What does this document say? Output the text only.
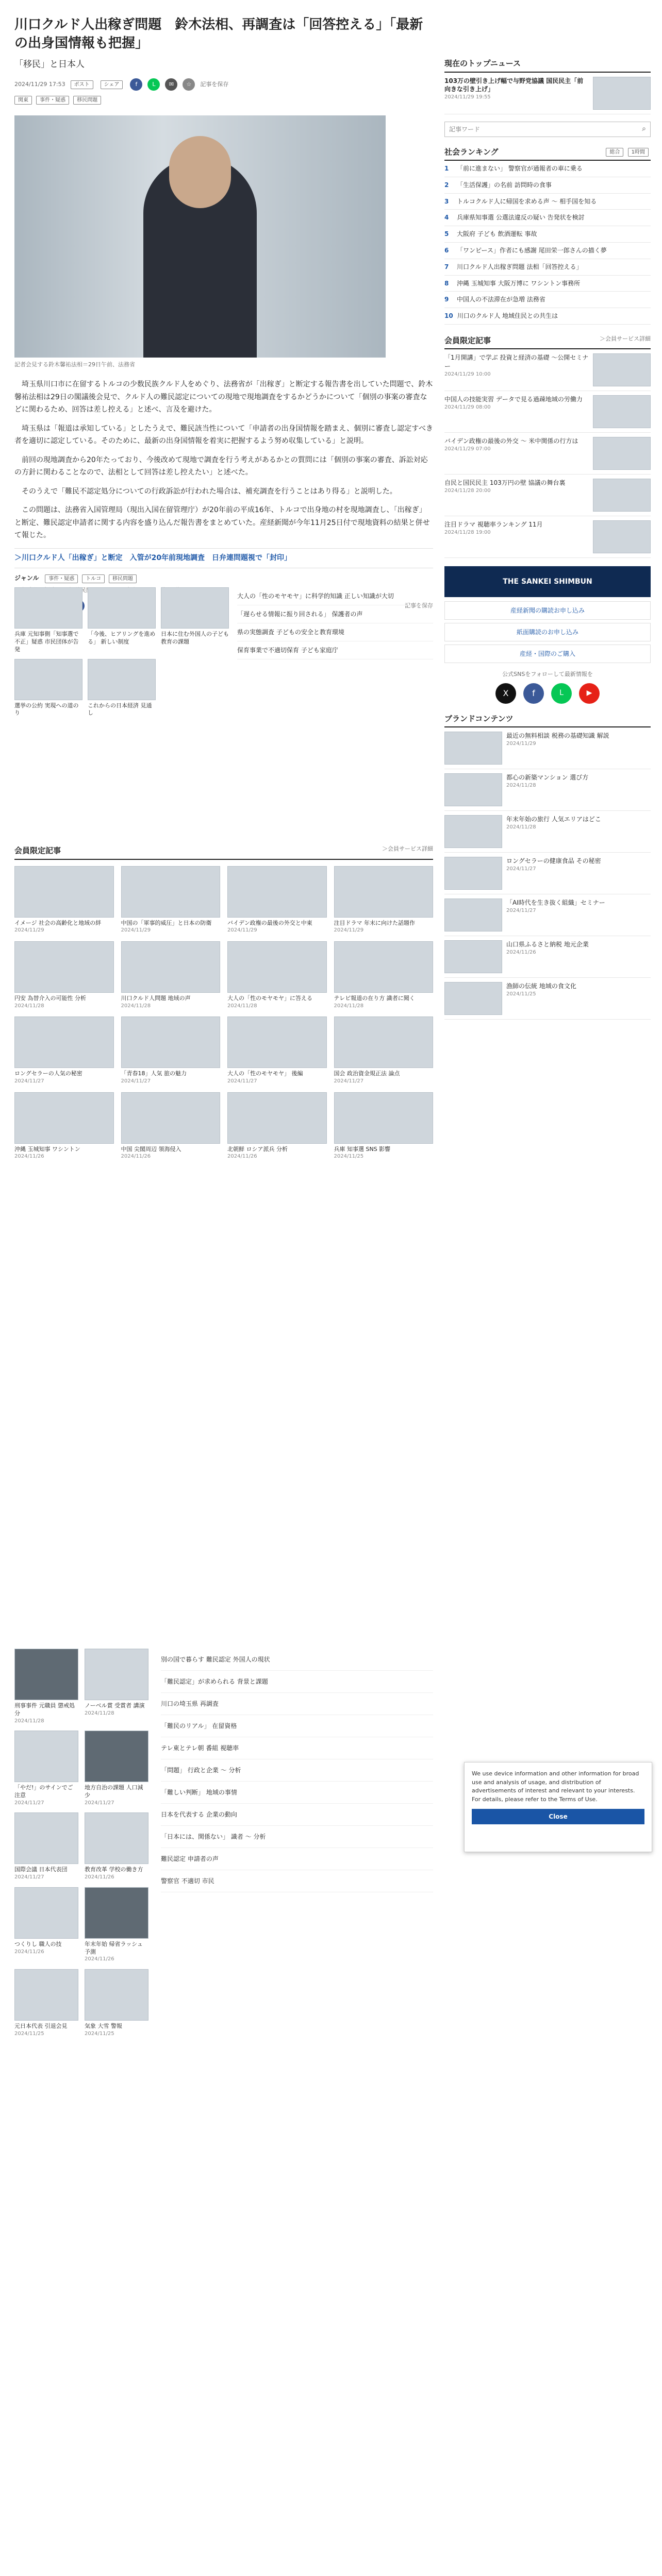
川口クルド人出稼ぎ問題　鈴木法相、再調査は「回答控える」「最新の出身国情報も把握」
「移民」と日本人
2024/11/29 17:53	ポスト	シェア	f	L	✉	☆	記事を保存
関東 事件・疑惑 移民問題
記者会見する鈴木馨祐法相＝29日午前、法務省

埼玉県川口市に在留するトルコの少数民族クルド人をめぐり、法務省が「出稼ぎ」と断定する報告書を出していた問題で、鈴木馨祐法相は29日の閣議後会見で、クルド人の難民認定についての現地で現地調査をするかどうかについて「個別の事案の審査などに関わるため、回答は差し控える」と述べ、言及を避けた。

埼玉県は「報道は承知している」としたうえで、難民該当性について「申請者の出身国情報を踏まえ、個別に審査し認定すべき者を適切に認定している。そのために、最新の出身国情報を着実に把握するよう努め収集している」と説明。

前回の現地調査から20年たっており、今後改めて現地で調査を行う考えがあるかとの質問には「個別の事案の審査、訴訟対応の方針に関わることなので、法相として回答は差し控えたい」と述べた。

そのうえで「難民不認定処分についての行政訴訟が行われた場合は、補充調査を行うことはあり得る」と説明した。

この問題は、法務省入国管理局（現出入国在留管理庁）が20年前の平成16年、トルコで出身地の村を現地調査し、「出稼ぎ」と断定、難民認定申請者に関する内容を盛り込んだ報告書をまとめていた。産経新聞が今年11月25日付で現地資料の結果と併せて報じた。

＞川口クルド人「出稼ぎ」と断定　入管が20年前現地調査　日弁連問題視で「封印」
ジャンル 事件・疑惑 トルコ 移民問題
　 移民問題　 　
記事を保存
現在のトップニュース
103万の壁引き上げ幅で与野党協議 国民民主「前向きな引き上げ」
2024/11/29 19:55
記事ワード
⌕
社会ランキング	総合 1時間
1	「前に進まない」 警察官が通報者の車に乗る
2	「生活保護」の名前 訪問時の食事
3	トルコクルド人に帰国を求める声 ～ 相手国を知る
4	兵庫県知事選 公選法違反の疑い 告発状を検討
5	大阪府 子ども 飲酒運転 事故
6	「ワンピース」作者にも感謝 尾田栄一郎さんの描く夢
7	川口クルド人出稼ぎ問題 法相「回答控える」
8	沖縄 玉城知事 大阪万博に ワシントン事務所
9	中国人の不法滞在が急増 法務省
10 川口のクルド人 地域住民との共生は
会員限定記事	＞会員サービス詳細
「1月開講」で学ぶ 投資と経済の基礎 ～公開セミナー
2024/11/29 10:00
中国人の技能実習 データで見る過疎地域の労働力
2024/11/29 08:00
バイデン政権の最後の外交 ～ 米中関係の行方は
2024/11/29 07:00
自民と国民民主 103万円の壁 協議の舞台裏
2024/11/28 20:00
注目ドラマ 視聴率ランキング 11月
2024/11/28 19:00
THE SANKEI SHIMBUN
産経新聞の購読お申し込み
紙面購読のお申し込み
産経・国際のご購入
公式SNSをフォローして最新情報を
X	f	L	▶
ブランドコンテンツ
最近の無料相談 税務の基礎知識 解説
2024/11/29
都心の新築マンション 選び方
2024/11/28
年末年始の旅行 人気エリアはどこ
2024/11/28
ロングセラーの健康食品 その秘密
2024/11/27
「AI時代を生き抜く組織」セミナー
2024/11/27
山口県ふるさと納税 地元企業
2024/11/26
漁師の伝統 地域の食文化
2024/11/25
We use device information and other information for broad use and analysis of usage, and distribution of advertisements of interest and relevant to your interests. For details, please refer to the Terms of Use.
Close
会員限定記事	＞会員サービス詳細
イメージ 社会の高齢化と地域の絆
2024/11/29
中国の「軍事的威圧」と日本の防衛
2024/11/29
バイデン政権の最後の外交と中東
2024/11/29
注目ドラマ 年末に向けた話題作
2024/11/29
円安 為替介入の可能性 分析
2024/11/28
川口クルド人問題 地域の声
2024/11/28
大人の「性のモヤモヤ」に答える
2024/11/28
テレビ報道の在り方 識者に聞く
2024/11/28
ロングセラーの人気の秘密
2024/11/27
「青春18」人気 旅の魅力
2024/11/27
大人の「性のモヤモヤ」 後編
2024/11/27
国会 政治資金規正法 論点
2024/11/27
沖縄 玉城知事 ワシントン
2024/11/26
中国 尖閣周辺 領海侵入
2024/11/26
北朝鮮 ロシア派兵 分析
2024/11/26
兵庫 知事選 SNS 影響
2024/11/25
大人の「性のモヤモヤ」に科学的知識 正しい知識が大切
「遅らせる情報に振り回される」 保護者の声
県の実態調査 子どもの安全と教育環境
保育事業で不適切保育 子ども家庭庁
兵庫 元知事側「知事選で不正」疑惑 市民団体が告発
「今後、ヒアリングを進める」 新しい制度
日本に住む外国人の子ども 教育の課題
選挙の公約 実現への道のり
これからの日本経済 見通し
刑事事件 元職員 懲戒処分
2024/11/28
ノーベル賞 受賞者 講演
2024/11/28
「やだ!」のサインでご注意
2024/11/27
地方自治の課題 人口減少
2024/11/27
国際会議 日本代表団
2024/11/27
教育改革 学校の働き方
2024/11/26
つくりし 職人の技
2024/11/26
年末年始 帰省ラッシュ予測
2024/11/26
元日本代表 引退会見
2024/11/25
気象 大雪 警報
2024/11/25
別の国で暮らす 難民認定 外国人の現状
「難民認定」が求められる 背景と課題
川口の埼玉県 再調査
「難民のリアル」 在留資格
テレ東とテレ朝 番組 視聴率
「問題」 行政と企業 ～ 分析
「難しい判断」 地域の事情
日本を代表する 企業の動向
「日本には、関係ない」 識者 ～ 分析
難民認定 申請者の声
警察官 不適切 市民
